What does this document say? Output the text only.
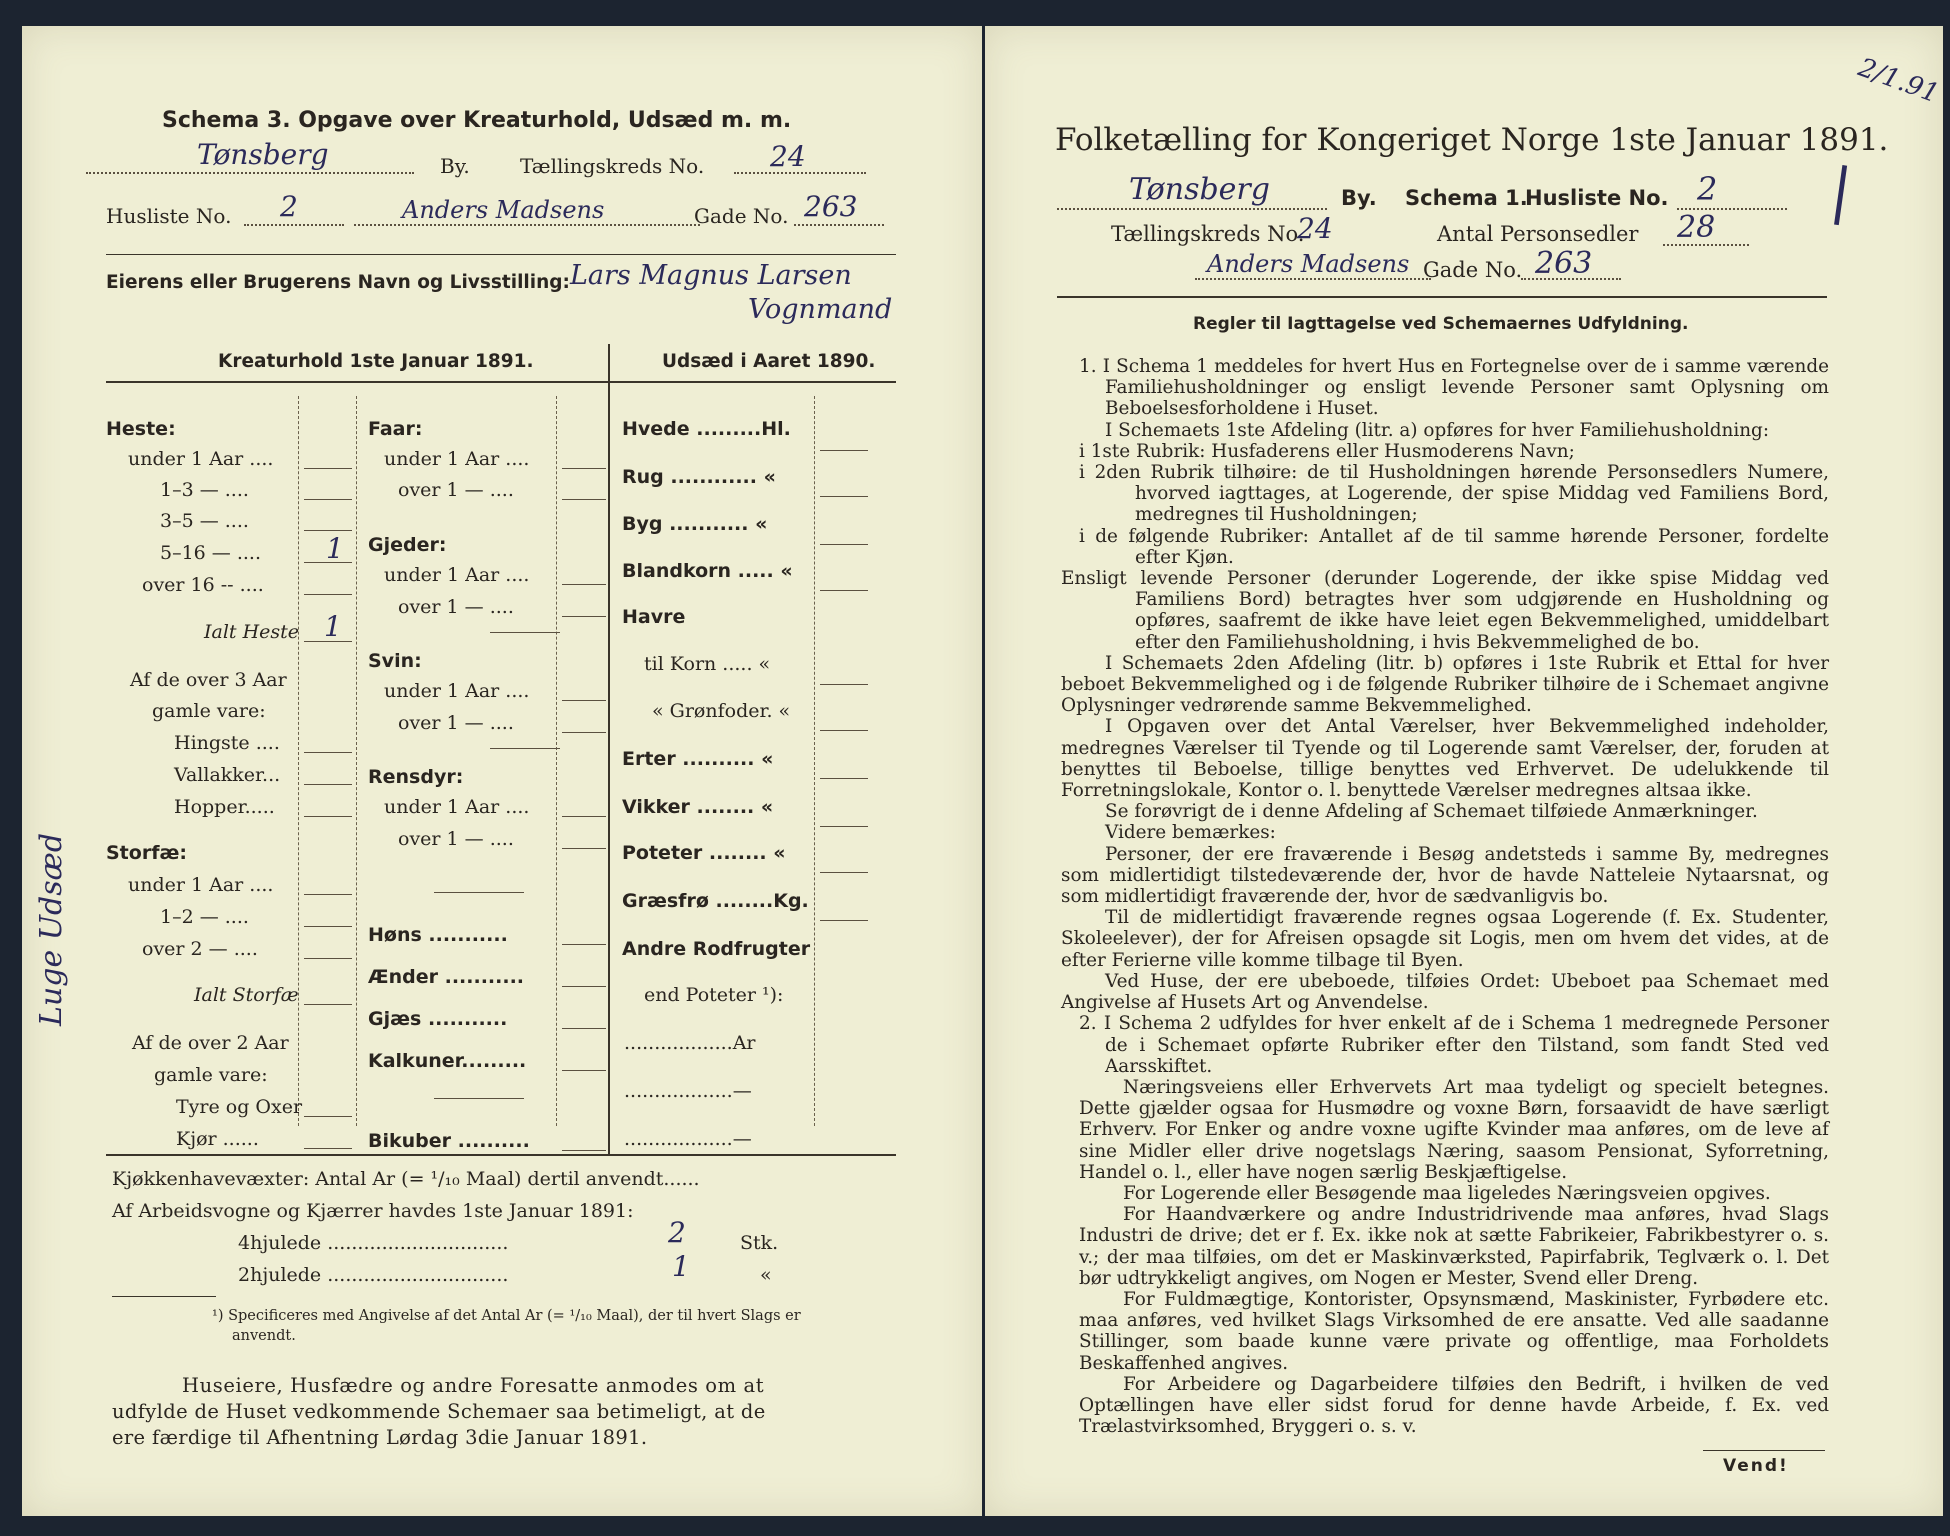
Schema 3. Opgave over Kreaturhold, Udsæd m. m.
Tønsberg	By.	Tællingskreds No. 24
Husliste No. 2	Anders Madsens	Gade No. 263
Eierens eller Brugerens Navn og Livsstilling: Lars Magnus Larsen
Vognmand
Kreaturhold 1ste Januar 1891.	Udsæd i Aaret 1890.
Luge Udsæd
Heste:
under 1 Aar ....
1–3 — ....
3–5 — ....
5–16 — .... 1
over 16 -- ....
Ialt Heste 1
Af de over 3 Aar
gamle vare:
Hingste ....
Vallakker...
Hopper.....
Storfæ:
under 1 Aar ....
1–2 — ....
over 2 — ....
Ialt Storfæ
Af de over 2 Aar
gamle vare:
Tyre og Oxer
Kjør ......
Faar:
under 1 Aar ....
over 1 — ....
Gjeder:
under 1 Aar ....
over 1 — ....
Svin:
under 1 Aar ....
over 1 — ....
Rensdyr:
under 1 Aar ....
over 1 — ....
Høns ...........
Ænder ...........
Gjæs ...........
Kalkuner.........
Bikuber ..........
Hvede .........Hl.
Rug ............ «
Byg ........... «
Blandkorn ..... «
Havre
til Korn ..... «
« Grønfoder. «
Erter .......... «
Vikker ........ «
Poteter ........ «
Græsfrø ........Kg.
Andre Rodfrugter
end Poteter ¹):
..................Ar
..................—
..................—
Kjøkkenhavevæxter: Antal Ar (= ¹/₁₀ Maal) dertil anvendt......
Af Arbeidsvogne og Kjærrer havdes 1ste Januar 1891:
4hjulede ..............................	2	Stk.
2hjulede ..............................	1	«
¹) Specificeres med Angivelse af det Antal Ar (= ¹/₁₀ Maal), der til hvert Slags er
anvendt.
Huseiere, Husfædre og andre Foresatte anmodes om at
udfylde de Huset vedkommende Schemaer saa betimeligt, at de
ere færdige til Afhentning Lørdag 3die Januar 1891.
2/1.91
|
Folketælling for Kongeriget Norge 1ste Januar 1891.
Tønsberg	By. Schema 1.
Husliste No. 2
Tællingskreds No.
24	Antal Personsedler 28
Anders Madsens Gade No. 263
Regler til Iagttagelse ved Schemaernes Udfyldning.

1. I Schema 1 meddeles for hvert Hus en Fortegnelse over de i samme værende Familiehusholdninger og ensligt levende Personer samt Oplysning om Beboelsesforholdene i Huset.

I Schemaets 1ste Afdeling (litr. a) opføres for hver Familiehusholdning:

i 1ste Rubrik: Husfaderens eller Husmoderens Navn;

i 2den Rubrik tilhøire: de til Husholdningen hørende Personsedlers Numere, hvorved iagttages, at Logerende, der spise Middag ved Familiens Bord, medregnes til Husholdningen;

i de følgende Rubriker: Antallet af de til samme hørende Personer, fordelte efter Kjøn.

Ensligt levende Personer (derunder Logerende, der ikke spise Middag ved Familiens Bord) betragtes hver som udgjørende en Husholdning og opføres, saafremt de ikke have leiet egen Bekvemmelighed, umiddelbart efter den Familiehusholdning, i hvis Bekvemmelighed de bo.

I Schemaets 2den Afdeling (litr. b) opføres i 1ste Rubrik et Ettal for hver beboet Bekvemmelighed og i de følgende Rubriker tilhøire de i Schemaet angivne Oplysninger vedrørende samme Bekvemmelighed.

I Opgaven over det Antal Værelser, hver Bekvemmelighed indeholder, medregnes Værelser til Tyende og til Logerende samt Værelser, der, foruden at benyttes til Beboelse, tillige benyttes ved Erhvervet. De udelukkende til Forretningslokale, Kontor o. l. benyttede Værelser medregnes altsaa ikke.

Se forøvrigt de i denne Afdeling af Schemaet tilføiede Anmærkninger.

Videre bemærkes:

Personer, der ere fraværende i Besøg andetsteds i samme By, medregnes som midlertidigt tilstedeværende der, hvor de havde Natteleie Nytaarsnat, og som midlertidigt fraværende der, hvor de sædvanligvis bo.

Til de midlertidigt fraværende regnes ogsaa Logerende (f. Ex. Studenter, Skoleelever), der for Afreisen opsagde sit Logis, men om hvem det vides, at de efter Ferierne ville komme tilbage til Byen.

Ved Huse, der ere ubeboede, tilføies Ordet: Ubeboet paa Schemaet med Angivelse af Husets Art og Anvendelse.

2. I Schema 2 udfyldes for hver enkelt af de i Schema 1 medregnede Personer de i Schemaet opførte Rubriker efter den Tilstand, som fandt Sted ved Aarsskiftet.

Næringsveiens eller Erhvervets Art maa tydeligt og specielt betegnes. Dette gjælder ogsaa for Husmødre og voxne Børn, forsaavidt de have særligt Erhverv. For Enker og andre voxne ugifte Kvinder maa anføres, om de leve af sine Midler eller drive nogetslags Næring, saasom Pensionat, Syforretning, Handel o. l., eller have nogen særlig Beskjæftigelse.

For Logerende eller Besøgende maa ligeledes Næringsveien opgives.

For Haandværkere og andre Industridrivende maa anføres, hvad Slags Industri de drive; det er f. Ex. ikke nok at sætte Fabrikeier, Fabrikbestyrer o. s. v.; der maa tilføies, om det er Maskinværksted, Papirfabrik, Teglværk o. l. Det bør udtrykkeligt angives, om Nogen er Mester, Svend eller Dreng.

For Fuldmægtige, Kontorister, Opsynsmænd, Maskinister, Fyrbødere etc. maa anføres, ved hvilket Slags Virksomhed de ere ansatte. Ved alle saadanne Stillinger, som baade kunne være private og offentlige, maa Forholdets Beskaffenhed angives.

For Arbeidere og Dagarbeidere tilføies den Bedrift, i hvilken de ved Optællingen have eller sidst forud for denne havde Arbeide, f. Ex. ved Trælastvirksomhed, Bryggeri o. s. v.

Vend!
